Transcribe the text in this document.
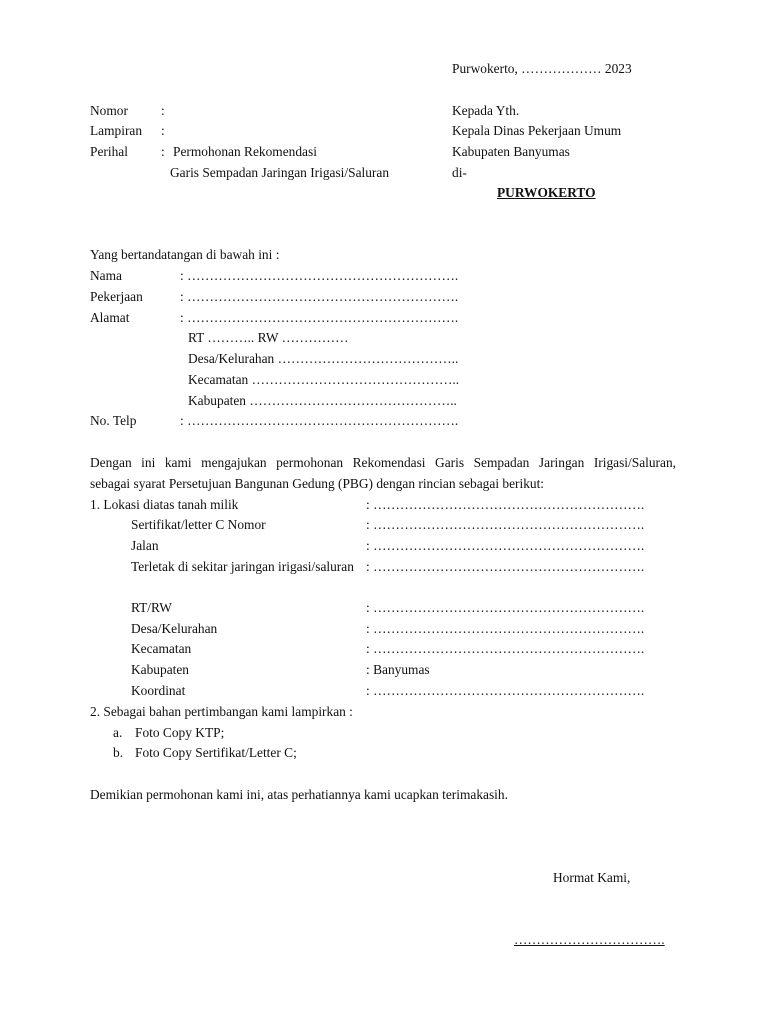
Purwokerto, ……………… 2023
Nomor :
Lampiran :
Perihal : Permohonan Rekomendasi
Garis Sempadan Jaringan Irigasi/Saluran
Kepada Yth.
Kepala Dinas Pekerjaan Umum
Kabupaten Banyumas
di-
PURWOKERTO
Yang bertandatangan di bawah ini :
Nama	: …………………………………………………….
Pekerjaan	: …………………………………………………….
Alamat	: …………………………………………………….
RT ……….. RW ……………
Desa/Kelurahan …………………………………..
Kecamatan ………………………………………..
Kabupaten ………………………………………..
No. Telp	: …………………………………………………….
Dengan ini kami mengajukan permohonan Rekomendasi Garis Sempadan Jaringan Irigasi/Saluran,
sebagai syarat Persetujuan Bangunan Gedung (PBG) dengan rincian sebagai berikut:
1. Lokasi diatas tanah milik	: …………………………………………………….
Sertifikat/letter C Nomor	: …………………………………………………….
Jalan	: …………………………………………………….
Terletak di sekitar jaringan irigasi/saluran : …………………………………………………….
RT/RW	: …………………………………………………….
Desa/Kelurahan	: …………………………………………………….
Kecamatan	: …………………………………………………….
Kabupaten	: Banyumas
Koordinat	: …………………………………………………….
2. Sebagai bahan pertimbangan kami lampirkan :
a. Foto Copy KTP;
b. Foto Copy Sertifikat/Letter C;
Demikian permohonan kami ini, atas perhatiannya kami ucapkan terimakasih.
Hormat Kami,
…………………………….
